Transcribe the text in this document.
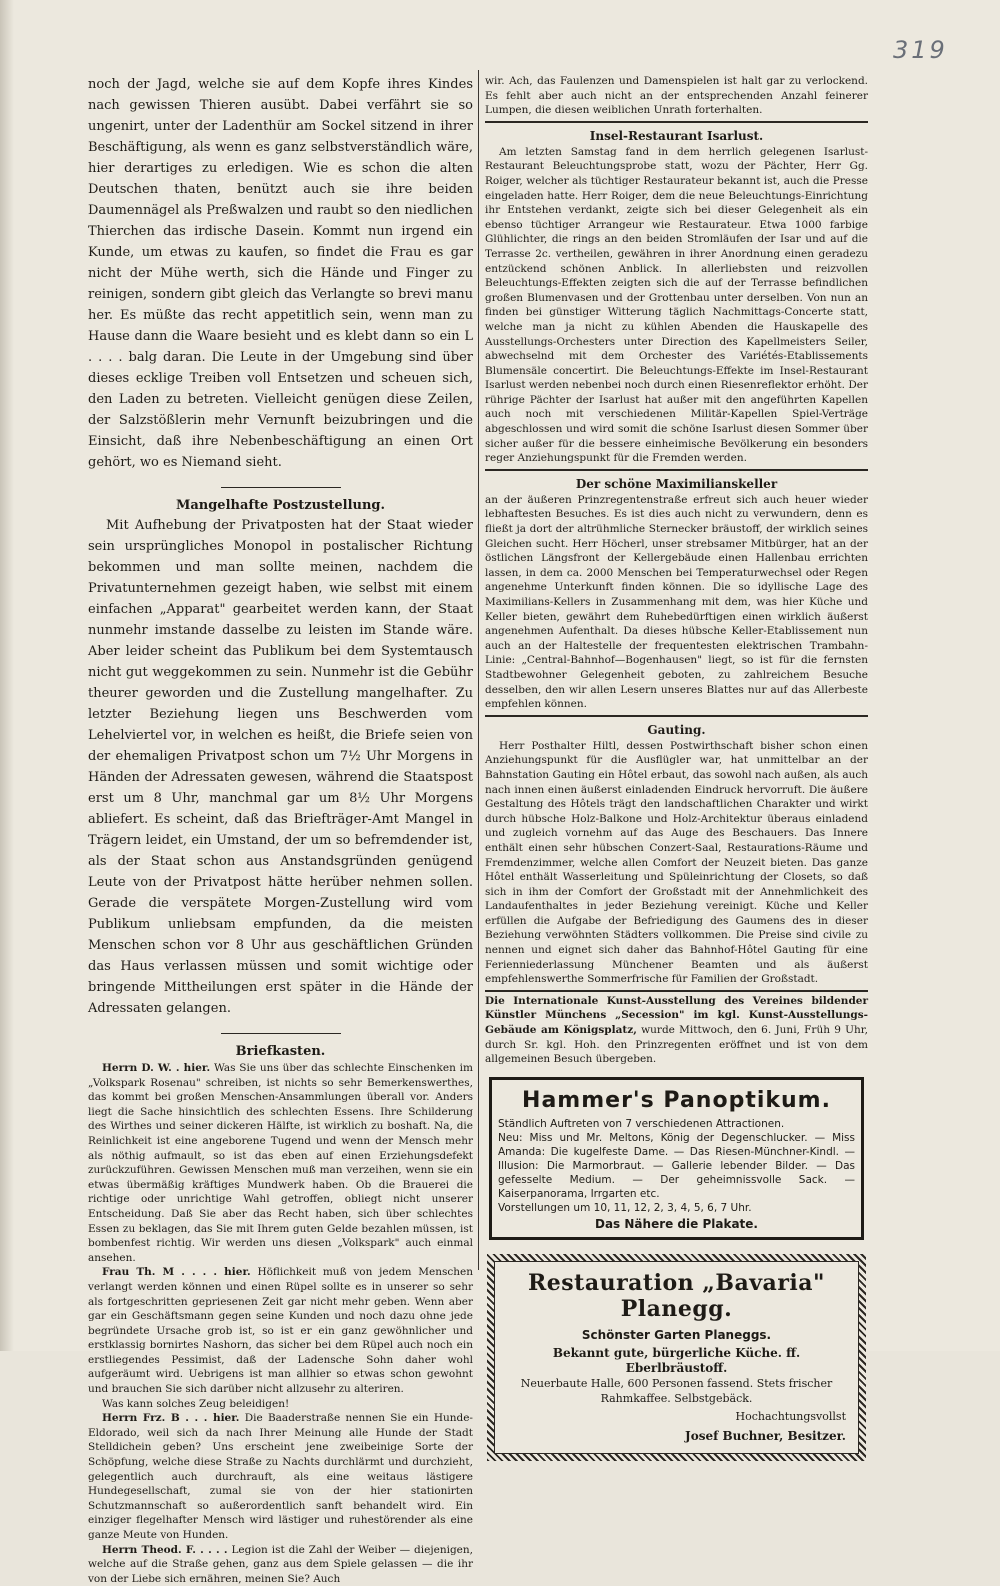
319

noch der Jagd, welche sie auf dem Kopfe ihres Kindes nach gewissen Thieren ausübt. Dabei verfährt sie so ungenirt, unter der Ladenthür am Sockel sitzend in ihrer Beschäftigung, als wenn es ganz selbstverständlich wäre, hier derartiges zu erledigen. Wie es schon die alten Deutschen thaten, benützt auch sie ihre beiden Daumennägel als Preßwalzen und raubt so den niedlichen Thierchen das irdische Dasein. Kommt nun irgend ein Kunde, um etwas zu kaufen, so findet die Frau es gar nicht der Mühe werth, sich die Hände und Finger zu reinigen, sondern gibt gleich das Verlangte so brevi manu her. Es müßte das recht appetitlich sein, wenn man zu Hause dann die Waare besieht und es klebt dann so ein L . . . . balg daran. Die Leute in der Umgebung sind über dieses ecklige Treiben voll Entsetzen und scheuen sich, den Laden zu betreten. Vielleicht genügen diese Zeilen, der Salzstößlerin mehr Vernunft beizubringen und die Einsicht, daß ihre Nebenbeschäftigung an einen Ort gehört, wo es Niemand sieht.

Mangelhafte Postzustellung.

Mit Aufhebung der Privatposten hat der Staat wieder sein ursprüngliches Monopol in postalischer Richtung bekommen und man sollte meinen, nachdem die Privatunternehmen gezeigt haben, wie selbst mit einem einfachen „Apparat" gearbeitet werden kann, der Staat nunmehr imstande dasselbe zu leisten im Stande wäre. Aber leider scheint das Publikum bei dem Systemtausch nicht gut weggekommen zu sein. Nunmehr ist die Gebühr theurer geworden und die Zustellung mangelhafter. Zu letzter Beziehung liegen uns Beschwerden vom Lehelviertel vor, in welchen es heißt, die Briefe seien von der ehemaligen Privatpost schon um 7½ Uhr Morgens in Händen der Adressaten gewesen, während die Staatspost erst um 8 Uhr, manchmal gar um 8½ Uhr Morgens abliefert. Es scheint, daß das Briefträger-Amt Mangel in Trägern leidet, ein Umstand, der um so befremdender ist, als der Staat schon aus Anstandsgründen genügend Leute von der Privatpost hätte herüber nehmen sollen. Gerade die verspätete Morgen-Zustellung wird vom Publikum unliebsam empfunden, da die meisten Menschen schon vor 8 Uhr aus geschäftlichen Gründen das Haus verlassen müssen und somit wichtige oder bringende Mittheilungen erst später in die Hände der Adressaten gelangen.

Briefkasten.

Herrn D. W. . hier. Was Sie uns über das schlechte Einschenken im „Volkspark Rosenau" schreiben, ist nichts so sehr Bemerkenswerthes, das kommt bei großen Menschen-Ansammlungen überall vor. Anders liegt die Sache hinsichtlich des schlechten Essens. Ihre Schilderung des Wirthes und seiner dickeren Hälfte, ist wirklich zu boshaft. Na, die Reinlichkeit ist eine angeborene Tugend und wenn der Mensch mehr als nöthig aufmault, so ist das eben auf einen Erziehungsdefekt zurückzuführen. Gewissen Menschen muß man verzeihen, wenn sie ein etwas übermäßig kräftiges Mundwerk haben. Ob die Brauerei die richtige oder unrichtige Wahl getroffen, obliegt nicht unserer Entscheidung. Daß Sie aber das Recht haben, sich über schlechtes Essen zu beklagen, das Sie mit Ihrem guten Gelde bezahlen müssen, ist bombenfest richtig. Wir werden uns diesen „Volkspark" auch einmal ansehen.

Frau Th. M . . . . hier. Höflichkeit muß von jedem Menschen verlangt werden können und einen Rüpel sollte es in unserer so sehr als fortgeschritten gepriesenen Zeit gar nicht mehr geben. Wenn aber gar ein Geschäftsmann gegen seine Kunden und noch dazu ohne jede begründete Ursache grob ist, so ist er ein ganz gewöhnlicher und erstklassig bornirtes Nashorn, das sicher bei dem Rüpel auch noch ein erstliegendes Pessimist, daß der Ladensche Sohn daher wohl aufgeräumt wird. Uebrigens ist man allhier so etwas schon gewohnt und brauchen Sie sich darüber nicht allzusehr zu alteriren.

Was kann solches Zeug beleidigen!

Herrn Frz. B . . . hier. Die Baaderstraße nennen Sie ein Hunde-Eldorado, weil sich da nach Ihrer Meinung alle Hunde der Stadt Stelldichein geben? Uns erscheint jene zweibeinige Sorte der Schöpfung, welche diese Straße zu Nachts durchlärmt und durchzieht, gelegentlich auch durchrauft, als eine weitaus lästigere Hundegesellschaft, zumal sie von der hier stationirten Schutzmannschaft so außerordentlich sanft behandelt wird. Ein einziger flegelhafter Mensch wird lästiger und ruhestörender als eine ganze Meute von Hunden.

Herrn Theod. F. . . . . Legion ist die Zahl der Weiber — diejenigen, welche auf die Straße gehen, ganz aus dem Spiele gelassen — die ihr von der Liebe sich ernähren, meinen Sie? Auch

wir. Ach, das Faulenzen und Damenspielen ist halt gar zu verlockend. Es fehlt aber auch nicht an der entsprechenden Anzahl feinerer Lumpen, die diesen weiblichen Unrath forterhalten.

Insel-Restaurant Isarlust.

Am letzten Samstag fand in dem herrlich gelegenen Isarlust-Restaurant Beleuchtungsprobe statt, wozu der Pächter, Herr Gg. Roiger, welcher als tüchtiger Restaurateur bekannt ist, auch die Presse eingeladen hatte. Herr Roiger, dem die neue Beleuchtungs-Einrichtung ihr Entstehen verdankt, zeigte sich bei dieser Gelegenheit als ein ebenso tüchtiger Arrangeur wie Restaurateur. Etwa 1000 farbige Glühlichter, die rings an den beiden Stromläufen der Isar und auf die Terrasse 2c. vertheilen, gewähren in ihrer Anordnung einen geradezu entzückend schönen Anblick. In allerliebsten und reizvollen Beleuchtungs-Effekten zeigten sich die auf der Terrasse befindlichen großen Blumenvasen und der Grottenbau unter derselben. Von nun an finden bei günstiger Witterung täglich Nachmittags-Concerte statt, welche man ja nicht zu kühlen Abenden die Hauskapelle des Ausstellungs-Orchesters unter Direction des Kapellmeisters Seiler, abwechselnd mit dem Orchester des Variétés-Etablissements Blumensäle concertirt. Die Beleuchtungs-Effekte im Insel-Restaurant Isarlust werden nebenbei noch durch einen Riesenreflektor erhöht. Der rührige Pächter der Isarlust hat außer mit den angeführten Kapellen auch noch mit verschiedenen Militär-Kapellen Spiel-Verträge abgeschlossen und wird somit die schöne Isarlust diesen Sommer über sicher außer für die bessere einheimische Bevölkerung ein besonders reger Anziehungspunkt für die Fremden werden.

Der schöne Maximilianskeller

an der äußeren Prinzregentenstraße erfreut sich auch heuer wieder lebhaftesten Besuches. Es ist dies auch nicht zu verwundern, denn es fließt ja dort der altrühmliche Sternecker bräustoff, der wirklich seines Gleichen sucht. Herr Höcherl, unser strebsamer Mitbürger, hat an der östlichen Längsfront der Kellergebäude einen Hallenbau errichten lassen, in dem ca. 2000 Menschen bei Temperaturwechsel oder Regen angenehme Unterkunft finden können. Die so idyllische Lage des Maximilians-Kellers in Zusammenhang mit dem, was hier Küche und Keller bieten, gewährt dem Ruhebedürftigen einen wirklich äußerst angenehmen Aufenthalt. Da dieses hübsche Keller-Etablissement nun auch an der Haltestelle der frequentesten elektrischen Trambahn-Linie: „Central-Bahnhof—Bogenhausen" liegt, so ist für die fernsten Stadtbewohner Gelegenheit geboten, zu zahlreichem Besuche desselben, den wir allen Lesern unseres Blattes nur auf das Allerbeste empfehlen können.

Gauting.

Herr Posthalter Hiltl, dessen Postwirthschaft bisher schon einen Anziehungspunkt für die Ausflügler war, hat unmittelbar an der Bahnstation Gauting ein Hôtel erbaut, das sowohl nach außen, als auch nach innen einen äußerst einladenden Eindruck hervorruft. Die äußere Gestaltung des Hôtels trägt den landschaftlichen Charakter und wirkt durch hübsche Holz-Balkone und Holz-Architektur überaus einladend und zugleich vornehm auf das Auge des Beschauers. Das Innere enthält einen sehr hübschen Conzert-Saal, Restaurations-Räume und Fremdenzimmer, welche allen Comfort der Neuzeit bieten. Das ganze Hôtel enthält Wasserleitung und Spüleinrichtung der Closets, so daß sich in ihm der Comfort der Großstadt mit der Annehmlichkeit des Landaufenthaltes in jeder Beziehung vereinigt. Küche und Keller erfüllen die Aufgabe der Befriedigung des Gaumens des in dieser Beziehung verwöhnten Städters vollkommen. Die Preise sind civile zu nennen und eignet sich daher das Bahnhof-Hôtel Gauting für eine Ferienniederlassung Münchener Beamten und als äußerst empfehlenswerthe Sommerfrische für Familien der Großstadt.

Die Internationale Kunst-Ausstellung des Vereines bildender Künstler Münchens „Secession" im kgl. Kunst-Ausstellungs-Gebäude am Königsplatz, wurde Mittwoch, den 6. Juni, Früh 9 Uhr, durch Sr. kgl. Hoh. den Prinzregenten eröffnet und ist von dem allgemeinen Besuch übergeben.

Hammer's Panoptikum.
Ständlich Auftreten von 7 verschiedenen Attractionen.
Neu: Miss und Mr. Meltons, König der Degenschlucker. — Miss Amanda: Die kugelfeste Dame. — Das Riesen-Münchner-Kindl. — Illusion: Die Marmorbraut. — Gallerie lebender Bilder. — Das gefesselte Medium. — Der geheimnissvolle Sack. — Kaiserpanorama, Irrgarten etc.
Vorstellungen um 10, 11, 12, 2, 3, 4, 5, 6, 7 Uhr.
Das Nähere die Plakate.
Restauration „Bavaria" Planegg.
Schönster Garten Planeggs.
Bekannt gute, bürgerliche Küche. ff. Eberlbräustoff.
Neuerbaute Halle, 600 Personen fassend. Stets frischer Rahmkaffee. Selbstgebäck.
Hochachtungsvollst
Josef Buchner, Besitzer.
